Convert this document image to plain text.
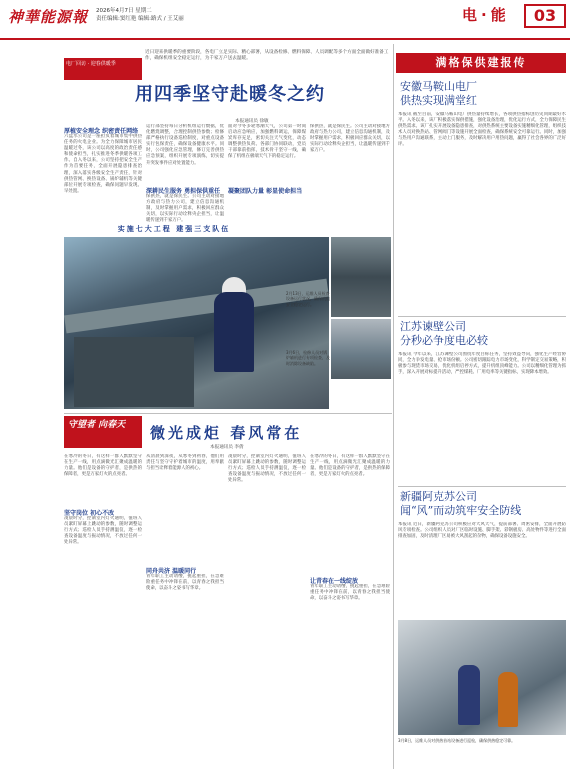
神華能源報 2026年4月7日 星期二
责任编辑:窦红艳 编辑:路式 / 王艾丽	电·能	03
电厂回访 · 迎春供暖季
近日迎来供暖季的重要阶段，各电厂立足实际、精心部署，从设备检修、燃料保障、人员调配等多个方面全面做好准备工作，确保机组安全稳定运行，为千家万户送去温暖。
用四季坚守赴暖冬之约
本报通讯员 徐敏
厚植安全理念 织密责任网络
六盘水公司是一座担负着城市集中供热任务的火电企业。为全力保障城市居民温暖过冬，该公司以高度的政治责任感和使命担当，扎实推进冬季供暖各项工作。自入冬以来，公司坚持把安全生产作为首要任务，全面开展隐患排查治理，深入落实各级安全生产责任，针对供热管网、换热设备、锅炉辅机等关键部位开展专项检查，确保问题早发现、早处置。
运行部坚持每日分析机组运行数据，优化燃烧调整，合理控制供热参数；检修部严格执行设备巡检制度，对重点设备实行包保责任，确保设备健康水平。同时，公司强化应急管理，修订完善供热应急预案，组织开展专项演练，切实提升突发事件应对处置能力。
深耕民生服务 勇担保供重任
保供热，就是保民生。公司主动对接地方政府与热力公司，建立信息沟通机制，及时掌握用户需求，积极回应群众关切，以实际行动诠释央企担当，让温暖传递到千家万户。
面对今冬多轮寒潮天气，公司第一时间启动应急响应，加强燃料调运，保障煤炭库存充足，密切关注天气变化，动态调整供热负荷。各部门协同联动，党员干部靠前指挥，技术骨干坚守一线，确保了机组在极端天气下的稳定运行。
凝聚团队力量 彰显使命担当
保供热，就是保民生。公司主动对接地方政府与热力公司，建立信息沟通机制，及时掌握用户需求，积极回应群众关切，以实际行动诠释央企担当，让温暖传递到千家万户。
实施七大工程 建强三支队伍
2月13日，运维人员检查设备运行状况，确保机组安全稳定运行。
3月6日，检修人员对锅炉辅机进行专项检查，及时消除设备缺陷。
守望者 向春天	微光成炬 春风常在
本报通讯员 李倩
在寒冷的冬日，有这样一群人默默坚守在生产一线，用点滴微光汇聚成温暖的力量。他们是设备的守护者，是供热的保障者，更是万家灯火的点亮者。
坚守岗位 初心不改
凌晨时分，控制室内灯火通明，值班人员紧盯屏幕上跳动的参数，随时调整运行方式；巡检人员手持测温仪，逐一检查设备温度与振动情况，不放过任何一处异常。
从清晨到深夜，从寒冬到初春，他们用责任与坚守守护着城市的温度，用奉献与担当诠释着能源人的初心。
同舟共济 温暖同行
青年职工主动请缨，挑起重担，在急难险重任务中冲锋在前，以青春之我担当使命，以奋斗之姿书写华章。
凌晨时分，控制室内灯火通明，值班人员紧盯屏幕上跳动的参数，随时调整运行方式；巡检人员手持测温仪，逐一检查设备温度与振动情况，不放过任何一处异常。
在寒冷的冬日，有这样一群人默默坚守在生产一线，用点滴微光汇聚成温暖的力量。他们是设备的守护者，是供热的保障者，更是万家灯火的点亮者。
让青春在一线绽放
青年职工主动请缨，挑起重担，在急难险重任务中冲锋在前，以青春之我担当使命，以奋斗之姿书写华章。
满格保供建报传
安徽马鞍山电厂
供热实现满堂红
本报讯 截至目前，安徽马鞍山电厂供热量持续增长，各项供热指标创历史同期最好水平。入冬以来，该厂积极落实保供措施，强化设备治理，优化运行方式，全力保障民生供热需求。该厂扎实开展设备隐患排查，对供热系统主要设备实施精细化管理，组织技术人员对换热站、管网阀门等设施开展全面检查，确保系统安全可靠运行。同时，加强与热用户沟通联系，主动上门服务，及时解决用户用热问题，赢得了社会各界的广泛好评。
江苏谏壁公司
分秒必争度电必较
本报讯 今年以来，江苏谏壁公司围绕年度目标任务，坚持效益导向，强化生产经营协同，全力争发电量、抢市场份额。公司密切跟踪电力市场变化，科学制定交易策略，积极参与现货市场交易，优化机组启停方式，提升机组顶峰能力。公司以精细化管理为抓手，深入开展对标提升活动，严控煤耗、厂用电率等关键指标，实现降本增效。
新疆阿克苏公司
闻“风”而动筑牢安全防线
本报讯 近日，新疆阿克苏公司积极应对大风天气，提前部署、周密安排，全面开展防风专项检查。公司组织人员对厂区临时设施、脚手架、彩钢板房、高处物件等进行全面排查加固，及时清理厂区易被大风刮起的杂物，确保设备设施安全。
3月8日，运维人员对供热首站设备进行巡检，确保供热稳定可靠。
